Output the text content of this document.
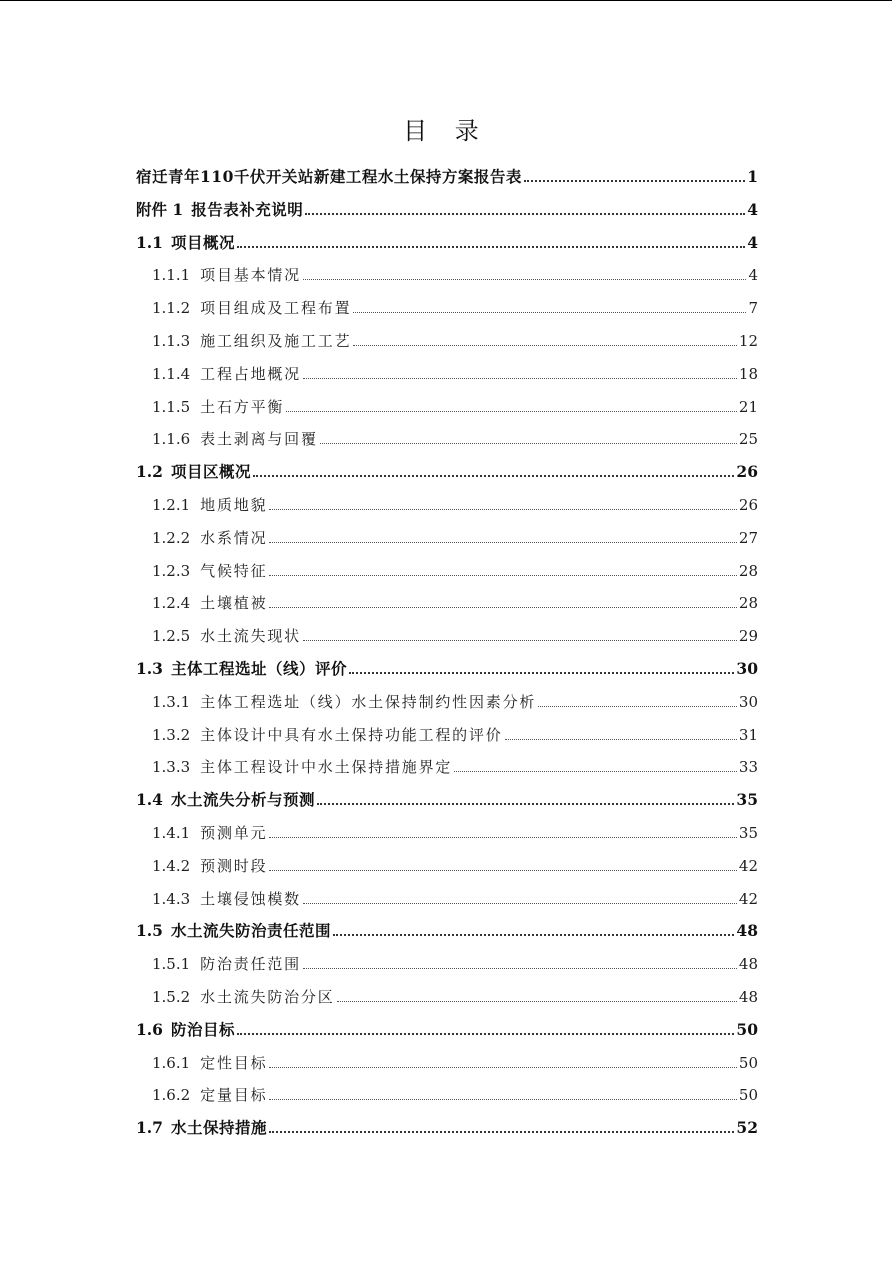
目 录
宿迁青年110千伏开关站新建工程水土保持方案报告表	1
附件 1 报告表补充说明	4
1.1 项目概况	4
1.1.1 项目基本情况	4
1.1.2 项目组成及工程布置	7
1.1.3 施工组织及施工工艺	12
1.1.4 工程占地概况	18
1.1.5 土石方平衡	21
1.1.6 表土剥离与回覆	25
1.2 项目区概况	26
1.2.1 地质地貌	26
1.2.2 水系情况	27
1.2.3 气候特征	28
1.2.4 土壤植被	28
1.2.5 水土流失现状	29
1.3 主体工程选址（线）评价	30
1.3.1 主体工程选址（线）水土保持制约性因素分析	30
1.3.2 主体设计中具有水土保持功能工程的评价	31
1.3.3 主体工程设计中水土保持措施界定	33
1.4 水土流失分析与预测	35
1.4.1 预测单元	35
1.4.2 预测时段	42
1.4.3 土壤侵蚀模数	42
1.5 水土流失防治责任范围	48
1.5.1 防治责任范围	48
1.5.2 水土流失防治分区	48
1.6 防治目标	50
1.6.1 定性目标	50
1.6.2 定量目标	50
1.7 水土保持措施	52
